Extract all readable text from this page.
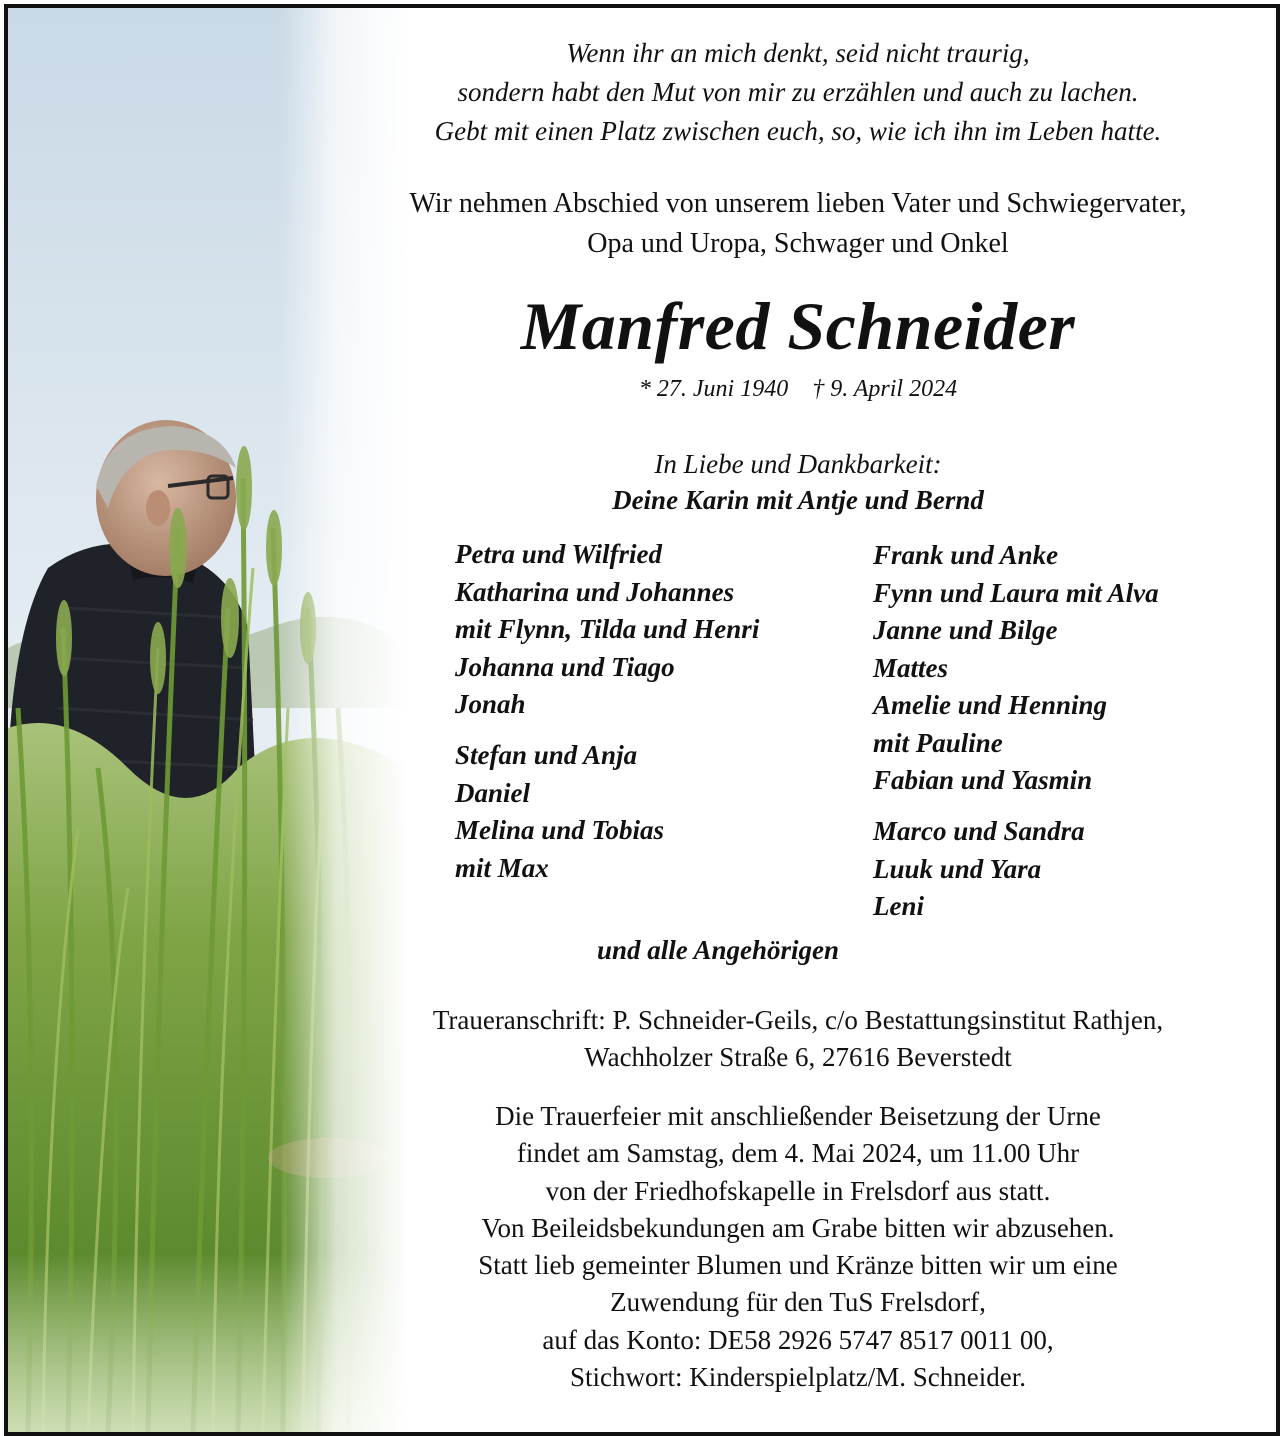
Wenn ihr an mich denkt, seid nicht traurig,
sondern habt den Mut von mir zu erzählen und auch zu lachen.
Gebt mit einen Platz zwischen euch, so, wie ich ihn im Leben hatte.
Wir nehmen Abschied von unserem lieben Vater und Schwiegervater,
Opa und Uropa, Schwager und Onkel
Manfred Schneider
* 27. Juni 1940    † 9. April 2024
In Liebe und Dankbarkeit:
Deine Karin mit Antje und Bernd
Petra und Wilfried
Katharina und Johannes
mit Flynn, Tilda und Henri
Johanna und Tiago
Jonah
Stefan und Anja
Daniel
Melina und Tobias
mit Max
Frank und Anke
Fynn und Laura mit Alva
Janne und Bilge
Mattes
Amelie und Henning
mit Pauline
Fabian und Yasmin
Marco und Sandra
Luuk und Yara
Leni
und alle Angehörigen
Traueranschrift: P. Schneider-Geils, c/o Bestattungsinstitut Rathjen,
Wachholzer Straße 6, 27616 Beverstedt
Die Trauerfeier mit anschließender Beisetzung der Urne
findet am Samstag, dem 4. Mai 2024, um 11.00 Uhr
von der Friedhofskapelle in Frelsdorf aus statt.
Von Beileidsbekundungen am Grabe bitten wir abzusehen.
Statt lieb gemeinter Blumen und Kränze bitten wir um eine
Zuwendung für den TuS Frelsdorf,
auf das Konto: DE58 2926 5747 8517 0011 00,
Stichwort: Kinderspielplatz/M. Schneider.
